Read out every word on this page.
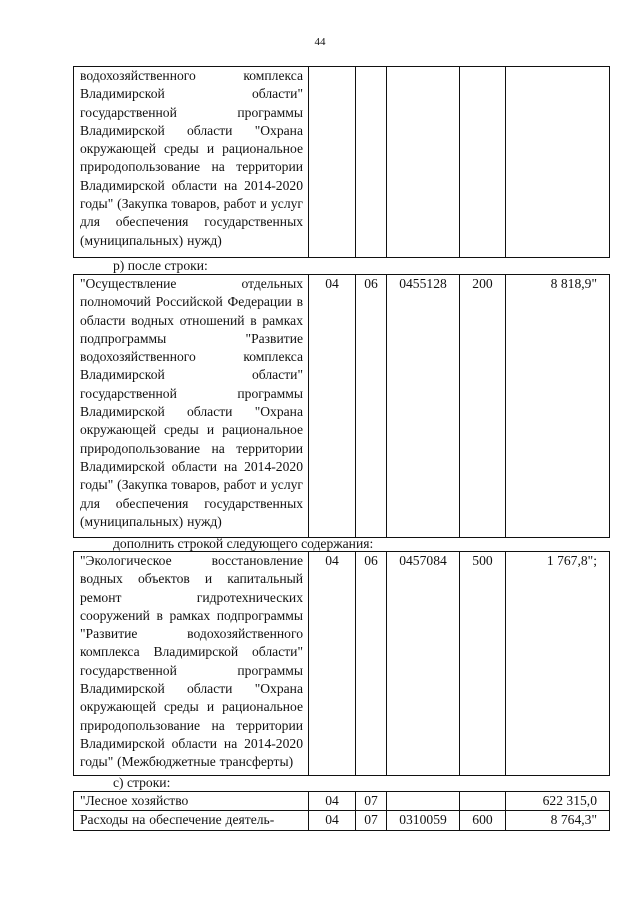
44
водохозяйственного комплекса Владимирской области" государственной программы Владимирской области "Охрана окружающей среды и рациональное природопользование на территории Владимирской области на 2014-2020 годы" (Закупка товаров, работ и услуг для обеспечения государственных (муниципальных) нужд)					
р) после строки:
"Осуществление отдельных полномочий Российской Федерации в области водных отношений в рамках подпрограммы "Развитие водохозяйственного комплекса Владимирской области" государственной программы Владимирской области "Охрана окружающей среды и рациональное природопользование на территории Владимирской области на 2014-2020 годы" (Закупка товаров, работ и услуг для обеспечения государственных (муниципальных) нужд)	04	06	0455128	200	8 818,9"
дополнить строкой следующего содержания:
"Экологическое восстановление водных объектов и капитальный ремонт гидротехнических сооружений в рамках подпрограммы "Развитие водохозяйственного комплекса Владимирской области" государственной программы Владимирской области "Охрана окружающей среды и рациональное природопользование на территории Владимирской области на 2014-2020 годы" (Межбюджетные трансферты)	04	06	0457084	500	1 767,8";
с) строки:
"Лесное хозяйство	04	07			622 315,0
Расходы на обеспечение деятель-	04	07	0310059	600	8 764,3"
